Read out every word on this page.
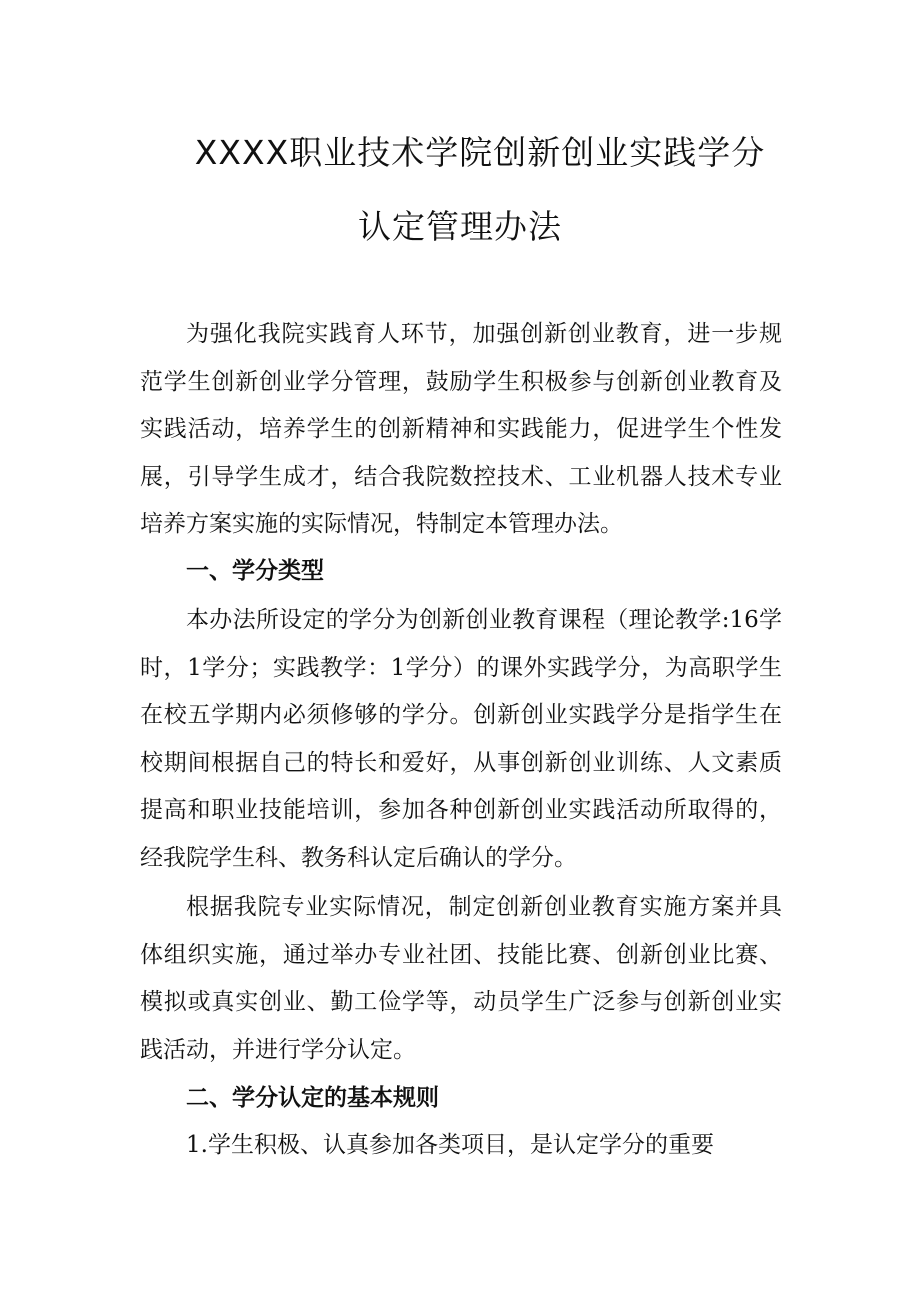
XXXX职业技术学院创新创业实践学分
认定管理办法

为强化我院实践育人环节，加强创新创业教育，进一步规范学生创新创业学分管理，鼓励学生积极参与创新创业教育及实践活动，培养学生的创新精神和实践能力，促进学生个性发展，引导学生成才，结合我院数控技术、工业机器人技术专业培养方案实施的实际情况，特制定本管理办法。

一、学分类型

本办法所设定的学分为创新创业教育课程（理论教学:16学时，1学分；实践教学：1学分）的课外实践学分，为高职学生在校五学期内必须修够的学分。创新创业实践学分是指学生在校期间根据自己的特长和爱好，从事创新创业训练、人文素质提高和职业技能培训，参加各种创新创业实践活动所取得的，经我院学生科、教务科认定后确认的学分。

根据我院专业实际情况，制定创新创业教育实施方案并具体组织实施，通过举办专业社团、技能比赛、创新创业比赛、模拟或真实创业、勤工俭学等，动员学生广泛参与创新创业实践活动，并进行学分认定。

二、学分认定的基本规则

1.学生积极、认真参加各类项目，是认定学分的重要
